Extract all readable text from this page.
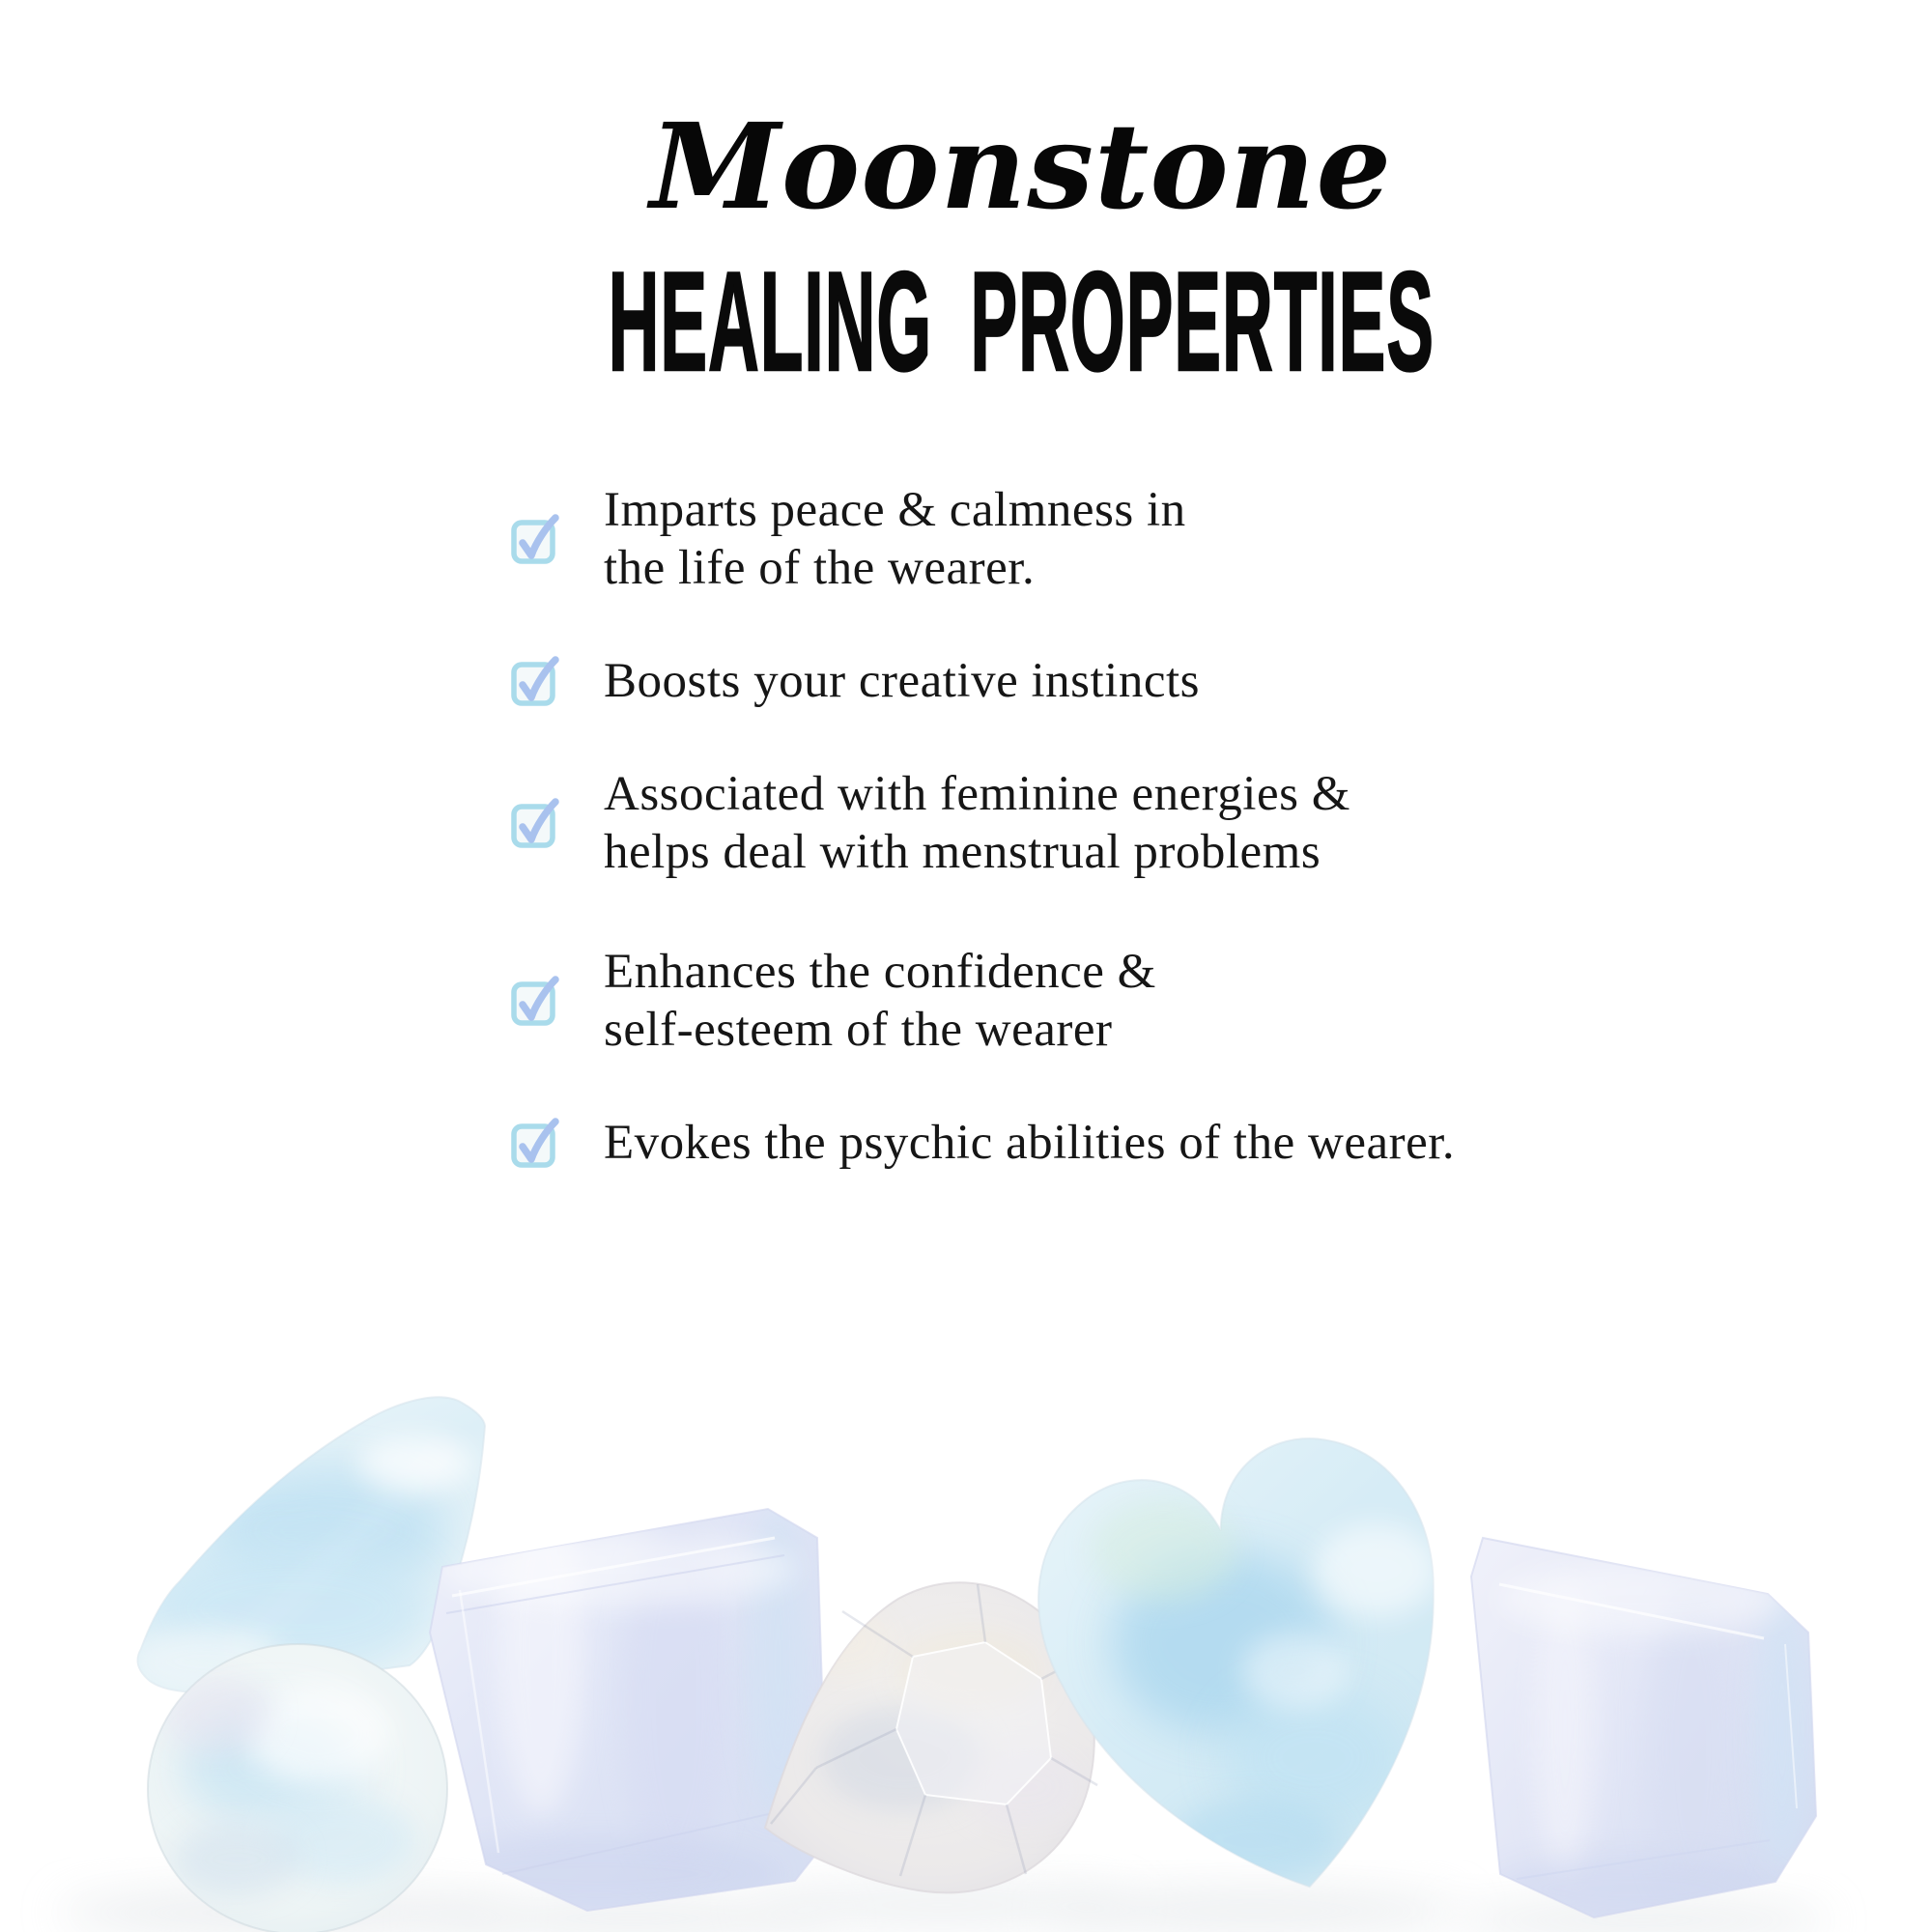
Moonstone
HEALING PROPERTIES
Imparts peace & calmness in
the life of the wearer.
Boosts your creative instincts
Associated with feminine energies &
helps deal with menstrual problems
Enhances the confidence &
self-esteem of the wearer
Evokes the psychic abilities of the wearer.
